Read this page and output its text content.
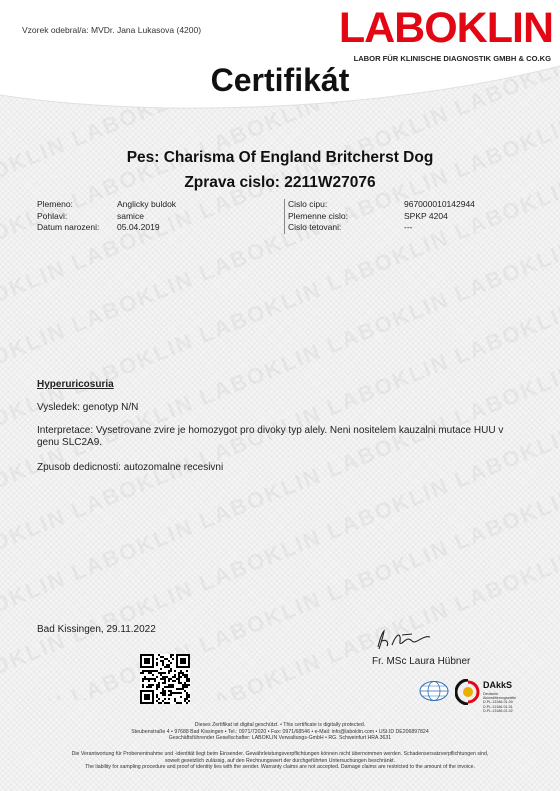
Vzorek odebral/a: MVDr. Jana Lukasova (4200)	LABOKLIN
LABOR FÜR KLINISCHE DIAGNOSTIK GMBH & CO.KG
Certifikát
Pes: Charisma Of England Britcherst Dog
Zprava cislo: 2211W27076
Plemeno:	Anglicky buldok
Pohlavi:	samice
Datum narozeni:	05.04.2019
Cislo cipu:	967000010142944
Plemenne cislo:	SPKP 4204
Cislo tetovani:	---
Hyperuricosuria
Vysledek: genotyp N/N
Interpretace: Vysetrovane zvire je homozygot pro divoky typ alely. Neni nositelem kauzalni mutace HUU v genu SLC2A9.
Zpusob dedicnosti: autozomalne recesivni
Bad Kissingen, 29.11.2022
Fr. MSc Laura Hübner
DAkkS
Deutsche
Akkreditierungsstelle
D-PL-13186-01-00
D-PL-13186-01-01
D-PL-13186-01-02
Dieses Zertifikat ist digital geschützt. • This certificate is digitally protected.
Steubenstraße 4 • 97688 Bad Kissingen • Tel.: 0971/72020 • Fax: 0971/68546 • e-Mail: info@laboklin.com • USt.ID DE206897824
Geschäftsführender Gesellschafter: LABOKLIN Verwaltungs-GmbH • RG. Schweinfurt HRA 3631
Die Verantwortung für Probenentnahme und -identität liegt beim Einsender. Gewährleistungsverpflichtungen können nicht übernommen werden. Schadensersatzverpflichtungen sind,
soweit gesetzlich zulässig, auf den Rechnungswert der durchgeführten Untersuchungen beschränkt.
The liability for sampling procedure and proof of identity lies with the sender. Warranty claims are not accepted. Damage claims are restricted to the amount of the invoice.
